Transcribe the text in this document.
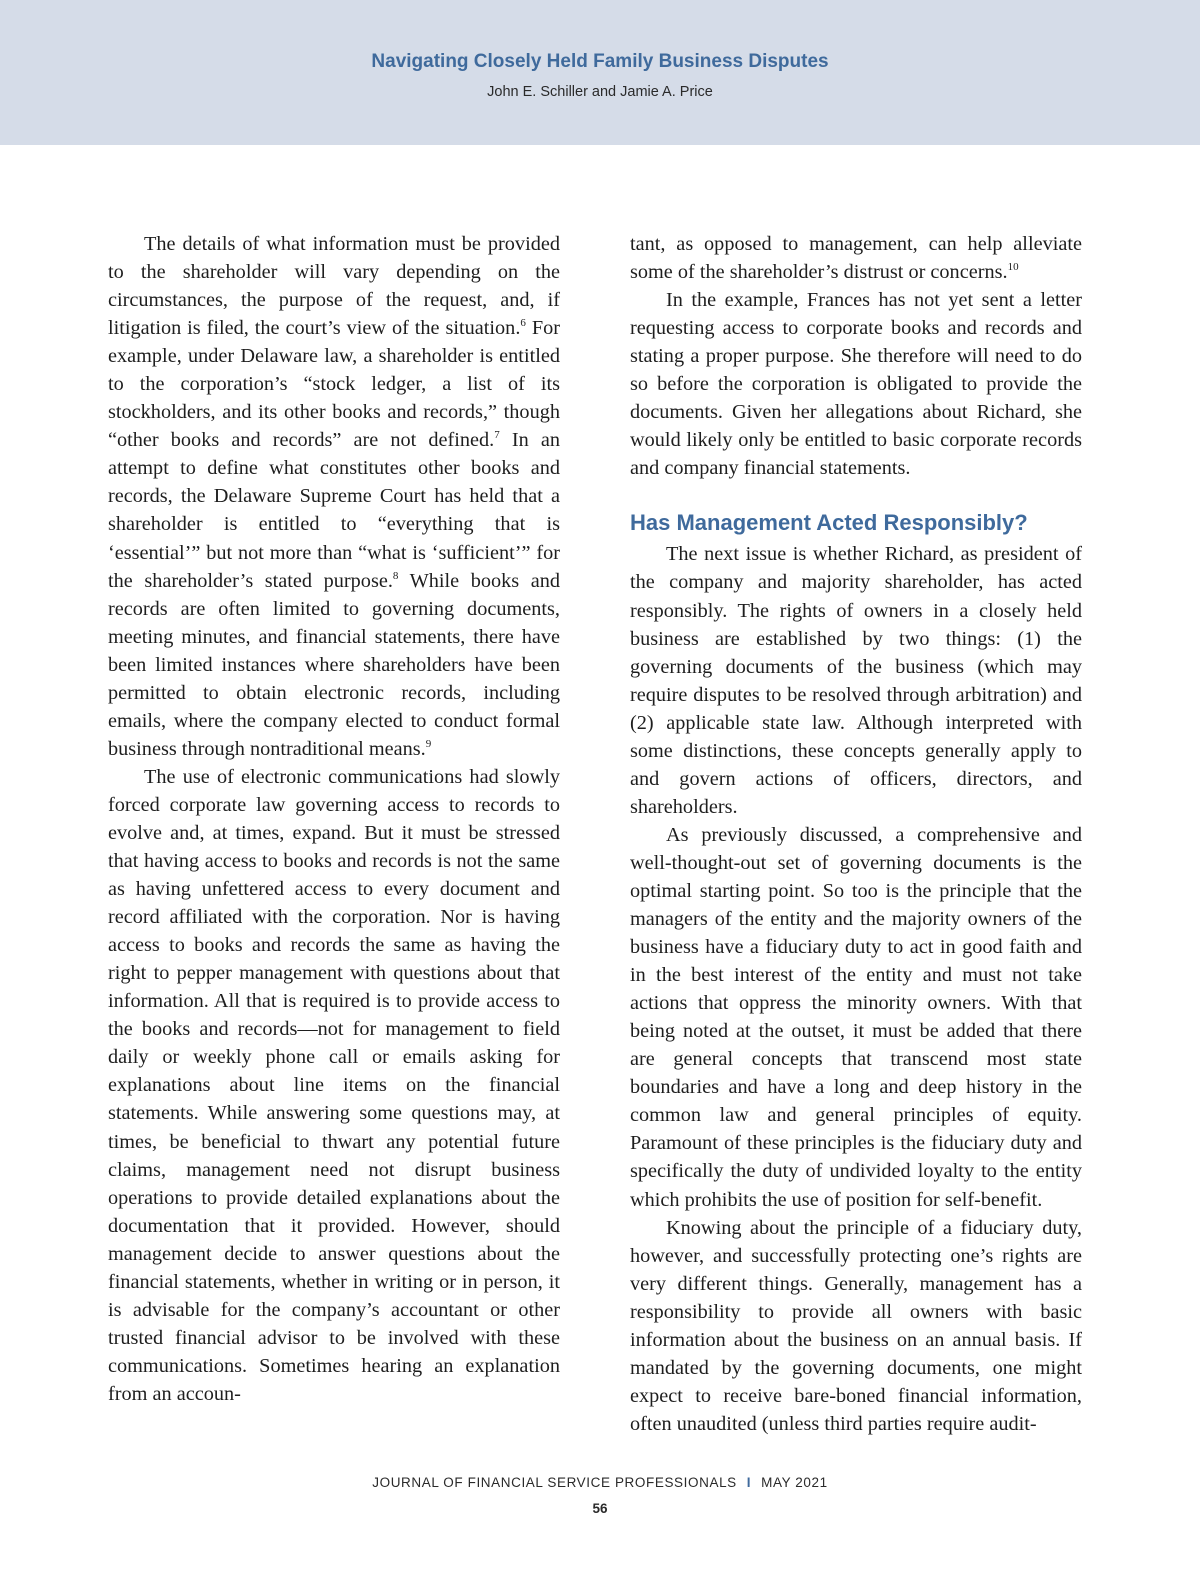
Navigating Closely Held Family Business Disputes
John E. Schiller and Jamie A. Price

The details of what information must be provided to the shareholder will vary depending on the circumstances, the purpose of the request, and, if litigation is filed, the court’s view of the situation.$^6$ For example, under Delaware law, a shareholder is entitled to the corporation’s “stock ledger, a list of its stockholders, and its other books and records,” though “other books and records” are not defined.$^7$ In an attempt to define what constitutes other books and records, the Delaware Supreme Court has held that a shareholder is entitled to “everything that is ‘essential’” but not more than “what is ‘sufficient’” for the shareholder’s stated purpose.$^8$ While books and records are often limited to governing documents, meeting minutes, and financial statements, there have been limited instances where shareholders have been permitted to obtain electronic records, including emails, where the company elected to conduct formal business through nontraditional means.$^9$

The use of electronic communications had slowly forced corporate law governing access to records to evolve and, at times, expand. But it must be stressed that having access to books and records is not the same as having unfettered access to every document and record affiliated with the corporation. Nor is having access to books and records the same as having the right to pepper management with questions about that information. All that is required is to provide access to the books and records—not for management to field daily or weekly phone call or emails asking for explanations about line items on the financial statements. While answering some questions may, at times, be beneficial to thwart any potential future claims, management need not disrupt business operations to provide detailed explanations about the documentation that it provided. However, should management decide to answer questions about the financial statements, whether in writing or in person, it is advisable for the company’s accountant or other trusted financial advisor to be involved with these communications. Sometimes hearing an explanation from an accoun-

tant, as opposed to management, can help alleviate some of the shareholder’s distrust or concerns.$^{10}$

In the example, Frances has not yet sent a letter requesting access to corporate books and records and stating a proper purpose. She therefore will need to do so before the corporation is obligated to provide the documents. Given her allegations about Richard, she would likely only be entitled to basic corporate records and company financial statements.

Has Management Acted Responsibly?

The next issue is whether Richard, as president of the company and majority shareholder, has acted responsibly. The rights of owners in a closely held business are established by two things: (1) the governing documents of the business (which may require disputes to be resolved through arbitration) and (2) applicable state law. Although interpreted with some distinctions, these concepts generally apply to and govern actions of officers, directors, and shareholders.

As previously discussed, a comprehensive and well-thought-out set of governing documents is the optimal starting point. So too is the principle that the managers of the entity and the majority owners of the business have a fiduciary duty to act in good faith and in the best interest of the entity and must not take actions that oppress the minority owners. With that being noted at the outset, it must be added that there are general concepts that transcend most state boundaries and have a long and deep history in the common law and general principles of equity. Paramount of these principles is the fiduciary duty and specifically the duty of undivided loyalty to the entity which prohibits the use of position for self-benefit.

Knowing about the principle of a fiduciary duty, however, and successfully protecting one’s rights are very different things. Generally, management has a responsibility to provide all owners with basic information about the business on an annual basis. If mandated by the governing documents, one might expect to receive bare-boned financial information, often unaudited (unless third parties require audit-

JOURNAL OF FINANCIAL SERVICE PROFESSIONALS I MAY 2021
56
